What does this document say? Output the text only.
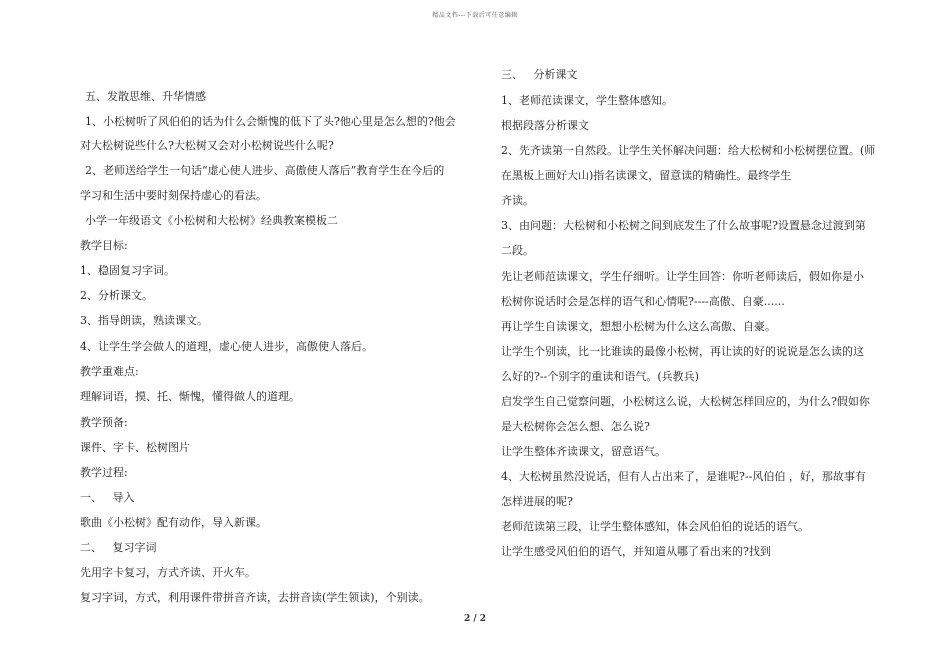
精品文档---下载后可任意编辑
五、发散思维、升华情感
1、小松树听了风伯伯的话为什么会惭愧的低下了头?他心里是怎么想的?他会
对大松树说些什么?大松树又会对小松树说些什么呢?
2、老师送给学生一句话“虚心使人进步、高傲使人落后”教育学生在今后的
学习和生活中要时刻保持虚心的看法。
小学一年级语文《小松树和大松树》经典教案模板二
教学目标:
1、稳固复习字词。
2、分析课文。
3、指导朗读，熟读课文。
4、让学生学会做人的道理，虚心使人进步，高傲使人落后。
教学重难点:
理解词语，摸、托、惭愧，懂得做人的道理。
教学预备:
课件、字卡、松树图片
教学过程:
一、   导入
歌曲《小松树》配有动作，导入新课。
二、   复习字词
先用字卡复习，方式齐读、开火车。
复习字词，方式，利用课件带拼音齐读，去拼音读(学生领读)，个别读。
三、   分析课文
1、老师范读课文，学生整体感知。
根据段落分析课文
2、先齐读第一自然段。让学生关怀解决问题：给大松树和小松树摆位置。(师
在黑板上画好大山)指名读课文，留意读的精确性。最终学生
齐读。
3、由问题：大松树和小松树之间到底发生了什么故事呢?设置悬念过渡到第
二段。
先让老师范读课文，学生仔细听。让学生回答：你听老师读后，假如你是小
松树你说话时会是怎样的语气和心情呢?----高傲、自豪......
再让学生自读课文，想想小松树为什么这么高傲、自豪。
让学生个别读，比一比谁读的最像小松树，再让读的好的说说是怎么读的这
么好的?--个别字的重读和语气。(兵教兵)
启发学生自己觉察问题，小松树这么说，大松树怎样回应的，为什么?假如你
是大松树你会怎么想、怎么说?
让学生整体齐读课文，留意语气。
4、大松树虽然没说话，但有人占出来了，是谁呢?--风伯伯 ，好，那故事有
怎样进展的呢?
老师范读第三段，让学生整体感知，体会风伯伯的说话的语气。
让学生感受风伯伯的语气，并知道从哪了看出来的?找到
2 / 2
